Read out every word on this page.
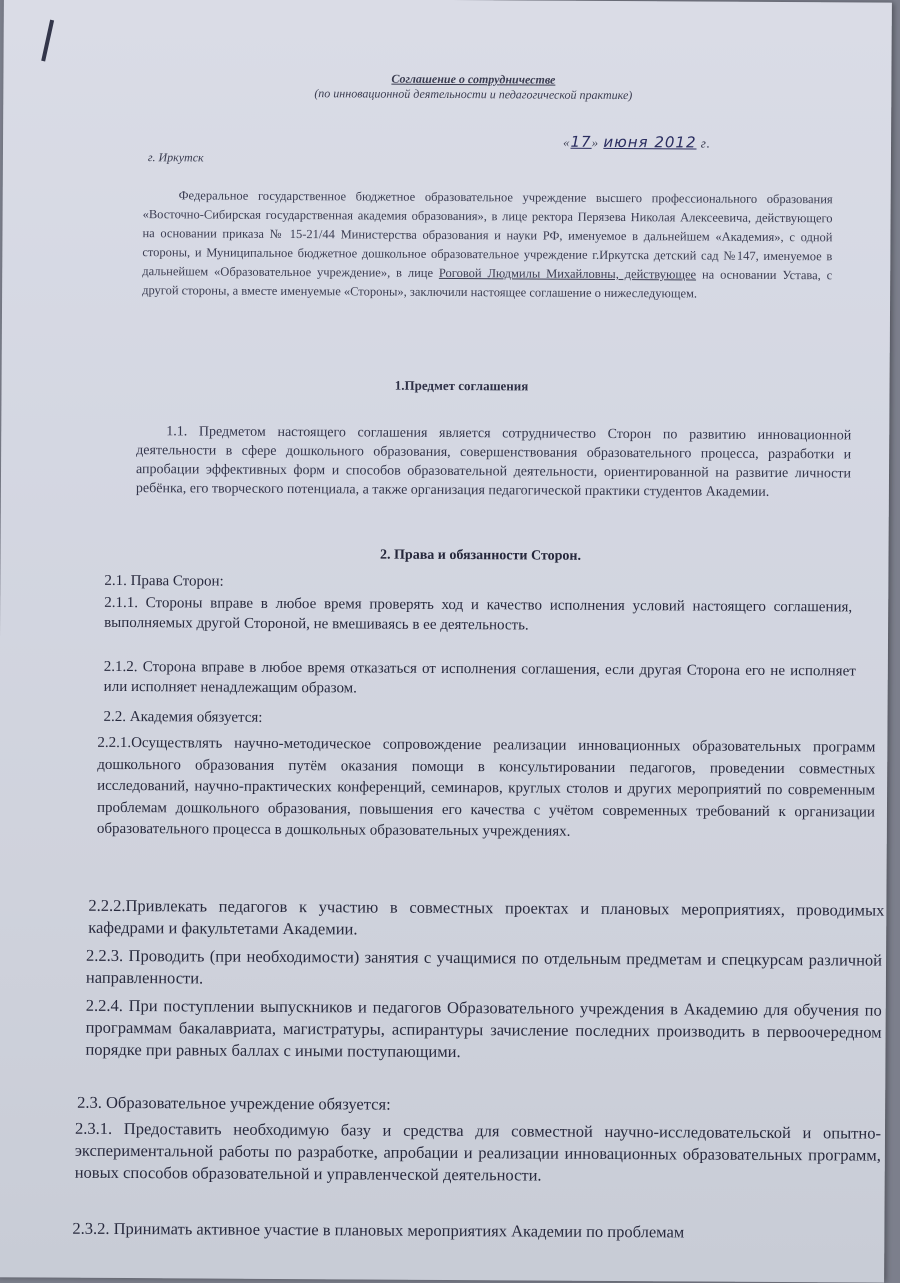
Соглашение о сотрудничестве
(по инновационной деятельности и педагогической практике)
г. Иркутск
«17» июня 2012 г.
Федеральное государственное бюджетное образовательное учреждение высшего профессионального образования «Восточно-Сибирская государственная академия образования», в лице ректора Перязева Николая Алексеевича, действующего на основании приказа № 15-21/44 Министерства образования и науки РФ, именуемое в дальнейшем «Академия», с одной стороны, и Муниципальное бюджетное дошкольное образовательное учреждение г.Иркутска детский сад №147, именуемое в дальнейшем «Образовательное учреждение», в лице Роговой Людмилы Михайловны, действующее на основании Устава, с другой стороны, а вместе именуемые «Стороны», заключили настоящее соглашение о нижеследующем.
1.Предмет соглашения
1.1. Предметом настоящего соглашения является сотрудничество Сторон по развитию инновационной деятельности в сфере дошкольного образования, совершенствования образовательного процесса, разработки и апробации эффективных форм и способов образовательной деятельности, ориентированной на развитие личности ребёнка, его творческого потенциала, а также организация педагогической практики студентов Академии.
2. Права и обязанности Сторон.
2.1. Права Сторон:
2.1.1. Стороны вправе в любое время проверять ход и качество исполнения условий настоящего соглашения, выполняемых другой Стороной, не вмешиваясь в ее деятельность.
2.1.2. Сторона вправе в любое время отказаться от исполнения соглашения, если другая Сторона его не исполняет или исполняет ненадлежащим образом.
2.2. Академия обязуется:
2.2.1.Осуществлять научно-методическое сопровождение реализации инновационных образовательных программ дошкольного образования путём оказания помощи в консультировании педагогов, проведении совместных исследований, научно-практических конференций, семинаров, круглых столов и других мероприятий по современным проблемам дошкольного образования, повышения его качества с учётом современных требований к организации образовательного процесса в дошкольных образовательных учреждениях.
2.2.2.Привлекать педагогов к участию в совместных проектах и плановых мероприятиях, проводимых кафедрами и факультетами Академии.
2.2.3. Проводить (при необходимости) занятия с учащимися по отдельным предметам и спецкурсам различной направленности.
2.2.4. При поступлении выпускников и педагогов Образовательного учреждения в Академию для обучения по программам бакалавриата, магистратуры, аспирантуры зачисление последних производить в первоочередном порядке при равных баллах с иными поступающими.
2.3. Образовательное учреждение обязуется:
2.3.1. Предоставить необходимую базу и средства для совместной научно-исследовательской и опытно-экспериментальной работы по разработке, апробации и реализации инновационных образовательных программ, новых способов образовательной и управленческой деятельности.
2.3.2. Принимать активное участие в плановых мероприятиях Академии по проблемам
